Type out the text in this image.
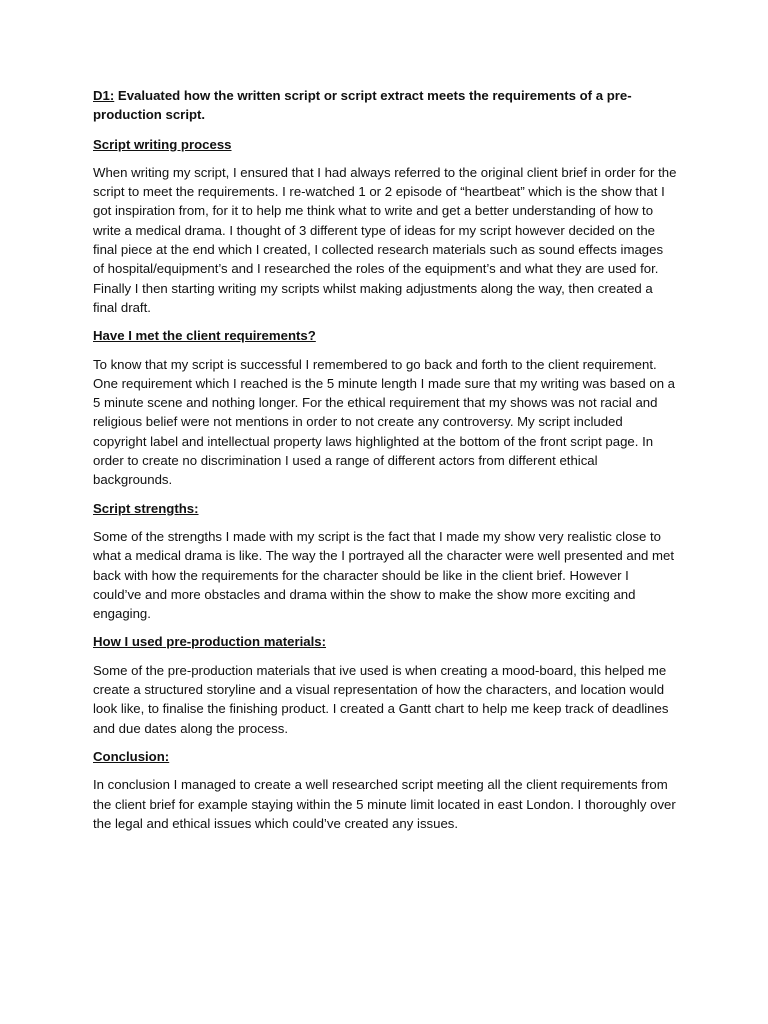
D1: Evaluated how the written script or script extract meets the requirements of a pre-production script.

Script writing process

When writing my script, I ensured that I had always referred to the original client brief in order for the script to meet the requirements. I re-watched 1 or 2 episode of “heartbeat” which is the show that I got inspiration from, for it to help me think what to write and get a better understanding of how to write a medical drama. I thought of 3 different type of ideas for my script however decided on the final piece at the end which I created, I collected research materials such as sound effects images of hospital/equipment’s and I researched the roles of the equipment’s and what they are used for. Finally I then starting writing my scripts whilst making adjustments along the way, then created a final draft.

Have I met the client requirements?

To know that my script is successful I remembered to go back and forth to the client requirement. One requirement which I reached is the 5 minute length I made sure that my writing was based on a 5 minute scene and nothing longer. For the ethical requirement that my shows was not racial and religious belief were not mentions in order to not create any controversy. My script included copyright label and intellectual property laws highlighted at the bottom of the front script page. In order to create no discrimination I used a range of different actors from different ethical backgrounds.

Script strengths:

Some of the strengths I made with my script is the fact that I made my show very realistic close to what a medical drama is like. The way the I portrayed all the character were well presented and met back with how the requirements for the character should be like in the client brief. However I could’ve and more obstacles and drama within the show to make the show more exciting and engaging.

How I used pre-production materials:

Some of the pre-production materials that ive used is when creating a mood-board, this helped me create a structured storyline and a visual representation of how the characters, and location would look like, to finalise the finishing product. I created a Gantt chart to help me keep track of deadlines and due dates along the process.

Conclusion:

In conclusion I managed to create a well researched script meeting all the client requirements from the client brief for example staying within the 5 minute limit located in east London. I thoroughly over the legal and ethical issues which could’ve created any issues.
